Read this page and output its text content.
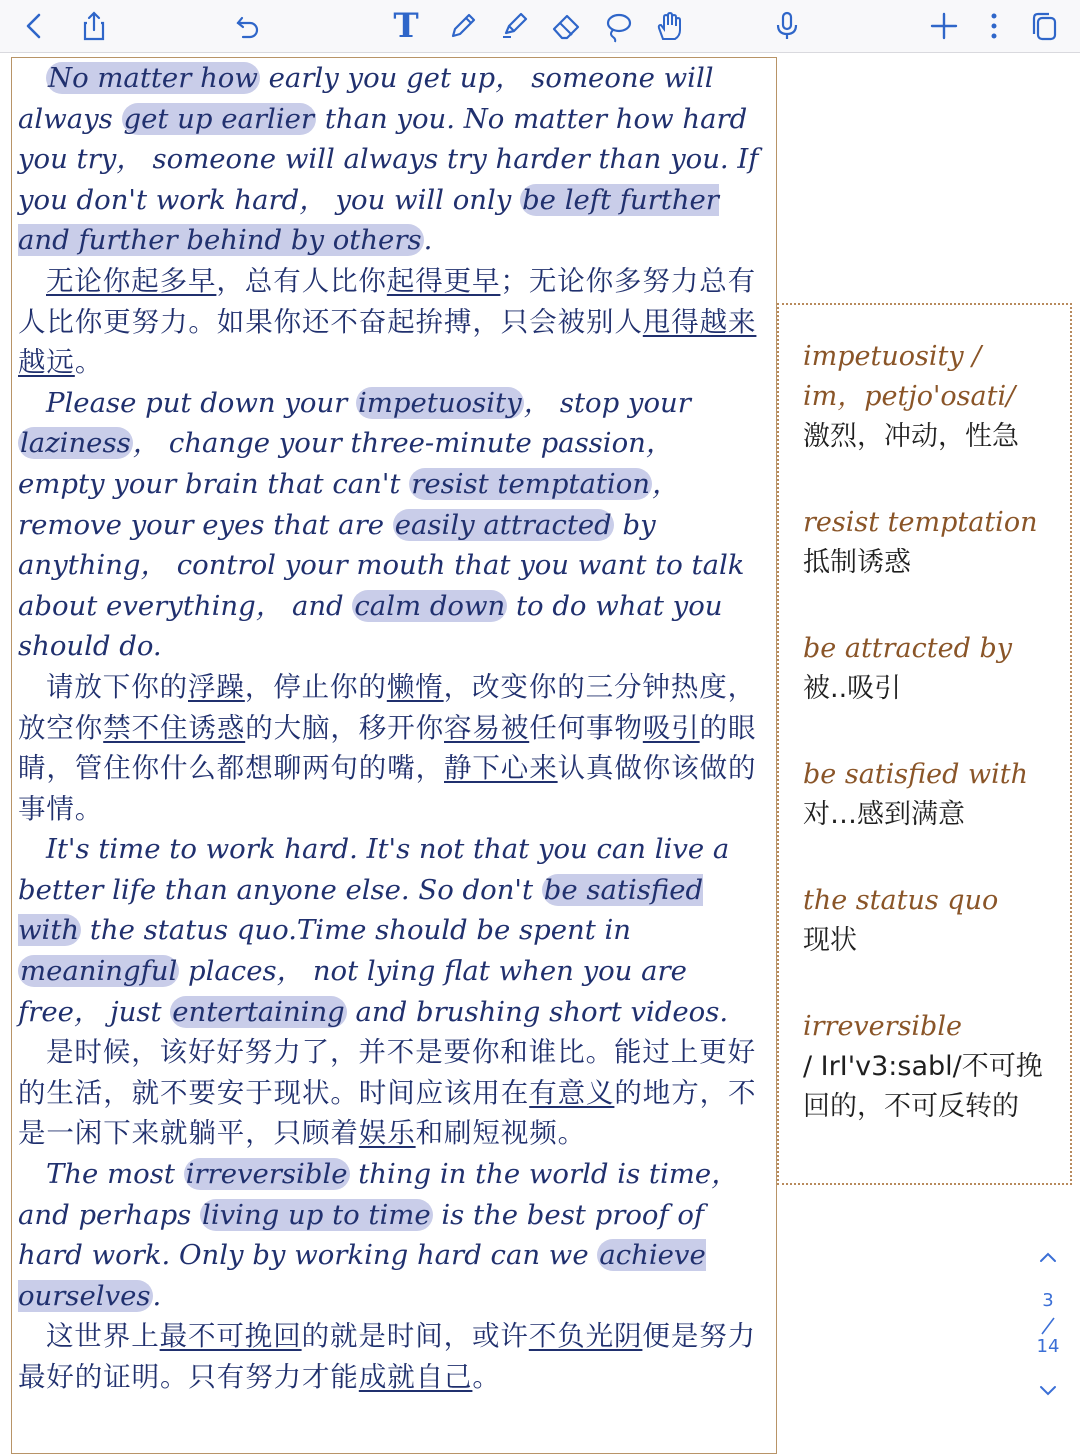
T

No matter how early you get up， someone will always get up earlier than you. No matter how hard you try， someone will always try harder than you. If you don't work hard， you will only be left further and further behind by others.

无论你起多早，总有人比你起得更早；无论你多努力总有人比你更努力。如果你还不奋起拚搏，只会被别人甩得越来越远。

Please put down your impetuosity， stop your laziness， change your three-minute passion， empty your brain that can't resist temptation， remove your eyes that are easily attracted by anything， control your mouth that you want to talk about everything， and calm down to do what you should do.

请放下你的浮躁，停止你的懒惰，改变你的三分钟热度，放空你禁不住诱惑的大脑，移开你容易被任何事物吸引的眼睛，管住你什么都想聊两句的嘴，静下心来认真做你该做的事情。

It's time to work hard. It's not that you can live a better life than anyone else. So don't be satisfied with the status quo.Time should be spent in meaningful places， not lying flat when you are free， just entertaining and brushing short videos.

是时候，该好好努力了，并不是要你和谁比。能过上更好的生活，就不要安于现状。时间应该用在有意义的地方，不是一闲下来就躺平，只顾着娱乐和刷短视频。

The most irreversible thing in the world is time， and perhaps living up to time is the best proof of hard work. Only by working hard can we achieve ourselves.

这世界上最不可挽回的就是时间，或许不负光阴便是努力最好的证明。只有努力才能成就自己。

impetuosity /
im，petjo'osati/
激烈，冲动，性急
resist temptation
抵制诱惑
be attracted by
被..吸引
be satisfied with
对…感到满意
the status quo
现状
irreversible
/ IrI'v3:sabl/不可挽回的，不可反转的
3
14
